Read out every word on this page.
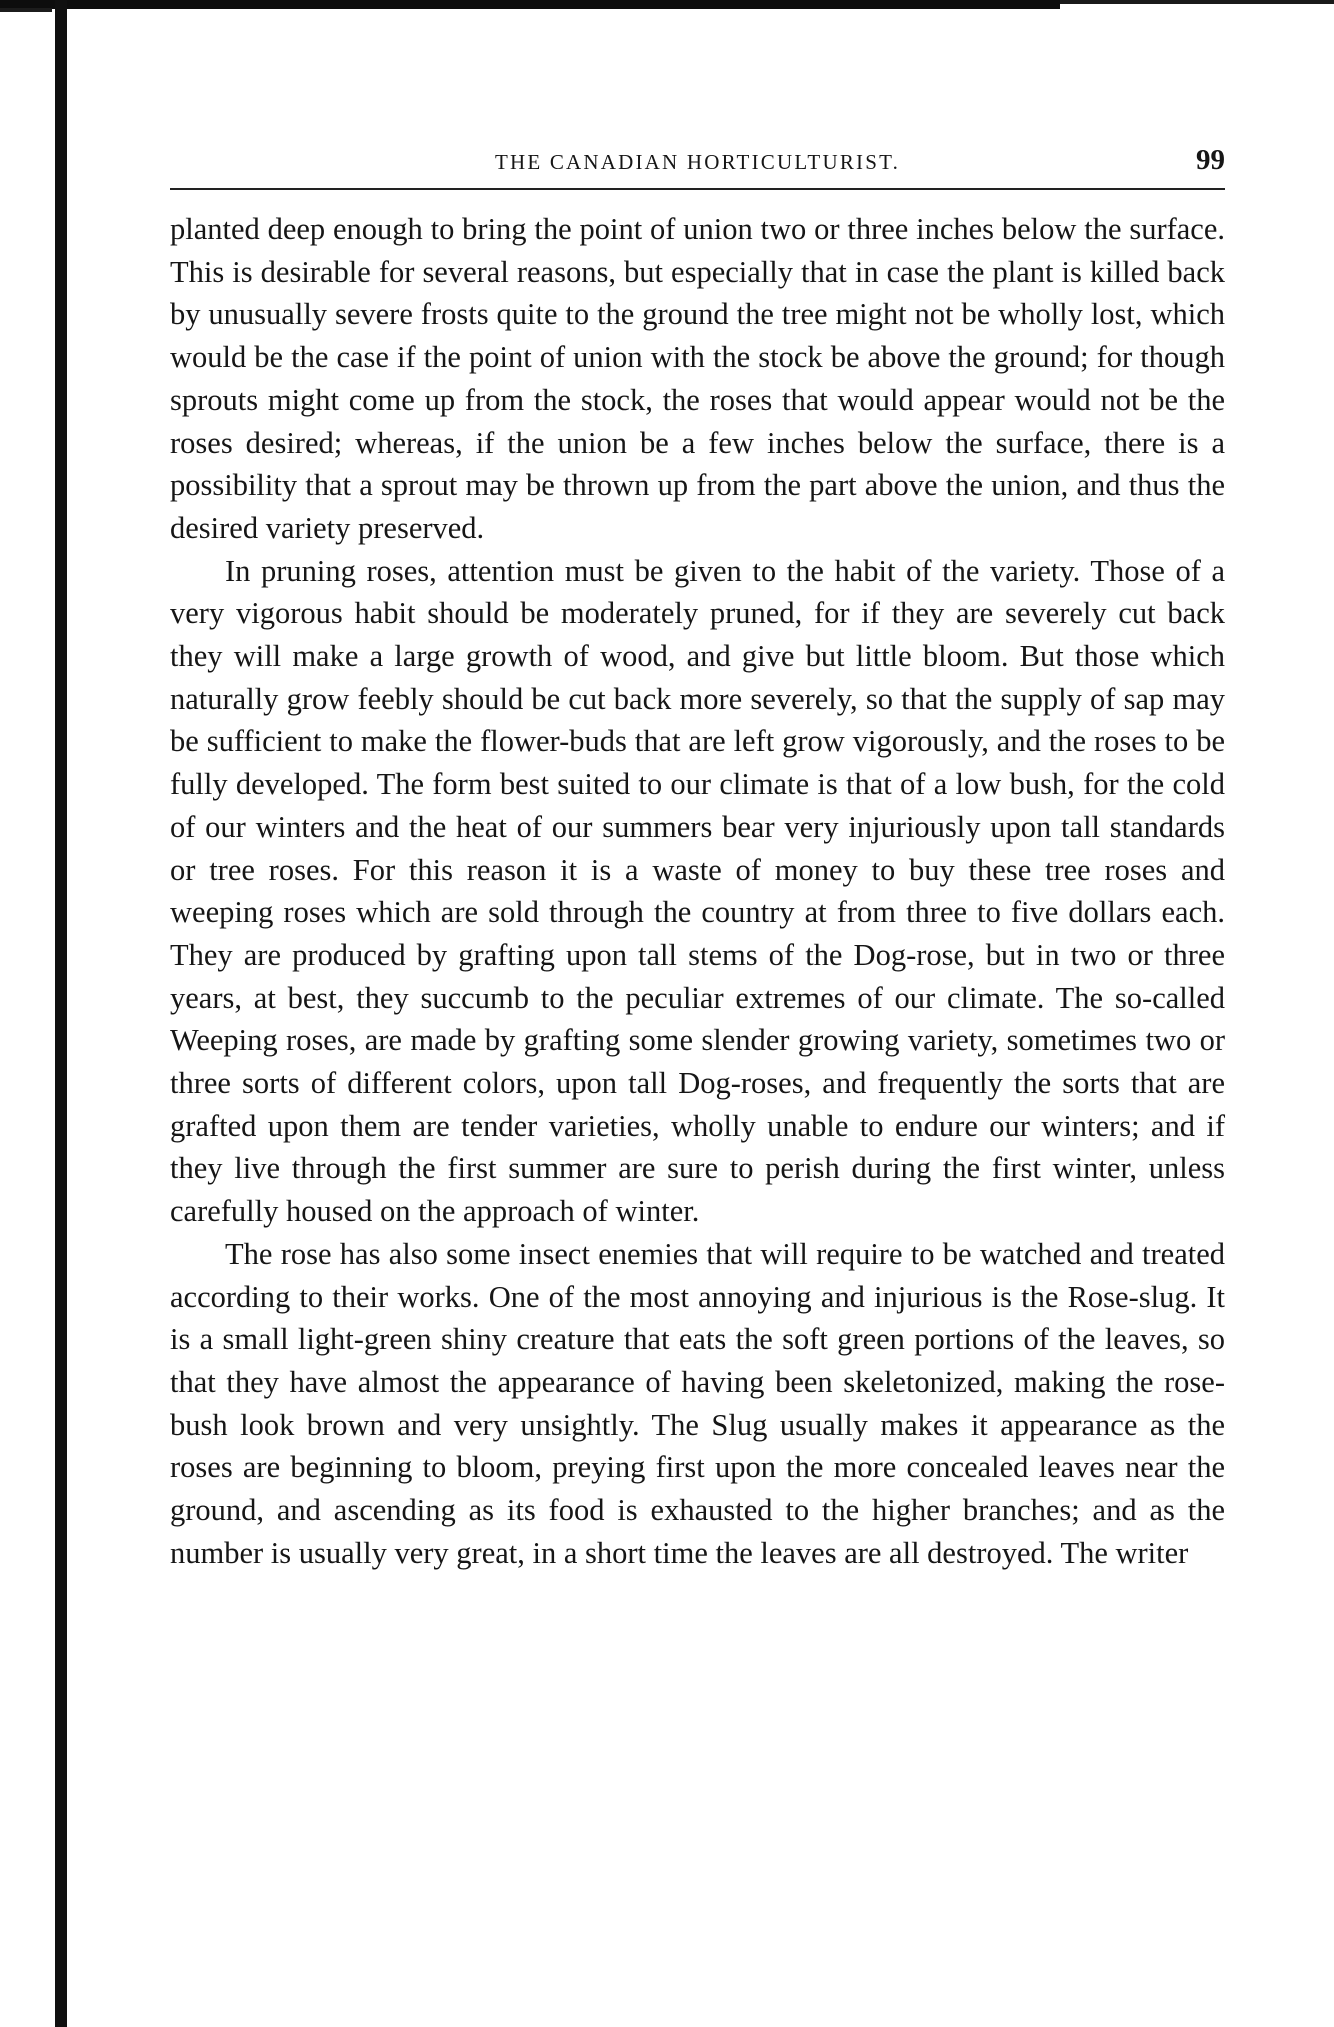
THE CANADIAN HORTICULTURIST.	99

planted deep enough to bring the point of union two or three inches below the surface. This is desirable for several reasons, but especially that in case the plant is killed back by unusually severe frosts quite to the ground the tree might not be wholly lost, which would be the case if the point of union with the stock be above the ground; for though sprouts might come up from the stock, the roses that would appear would not be the roses desired; whereas, if the union be a few inches below the surface, there is a possibility that a sprout may be thrown up from the part above the union, and thus the desired variety preserved.

In pruning roses, attention must be given to the habit of the variety. Those of a very vigorous habit should be moderately pruned, for if they are severely cut back they will make a large growth of wood, and give but little bloom. But those which naturally grow feebly should be cut back more severely, so that the supply of sap may be sufficient to make the flower-buds that are left grow vigorously, and the roses to be fully developed. The form best suited to our climate is that of a low bush, for the cold of our winters and the heat of our summers bear very injuriously upon tall standards or tree roses. For this reason it is a waste of money to buy these tree roses and weeping roses which are sold through the country at from three to five dollars each. They are produced by grafting upon tall stems of the Dog-rose, but in two or three years, at best, they succumb to the peculiar extremes of our climate. The so-called Weeping roses, are made by grafting some slender growing variety, sometimes two or three sorts of different colors, upon tall Dog-roses, and frequently the sorts that are grafted upon them are tender varieties, wholly unable to endure our winters; and if they live through the first summer are sure to perish during the first winter, unless carefully housed on the approach of winter.

The rose has also some insect enemies that will require to be watched and treated according to their works. One of the most annoying and injurious is the Rose-slug. It is a small light-green shiny creature that eats the soft green portions of the leaves, so that they have almost the appearance of having been skeletonized, making the rose-bush look brown and very unsightly. The Slug usually makes it appearance as the roses are beginning to bloom, preying first upon the more concealed leaves near the ground, and ascending as its food is exhausted to the higher branches; and as the number is usually very great, in a short time the leaves are all destroyed. The writer
